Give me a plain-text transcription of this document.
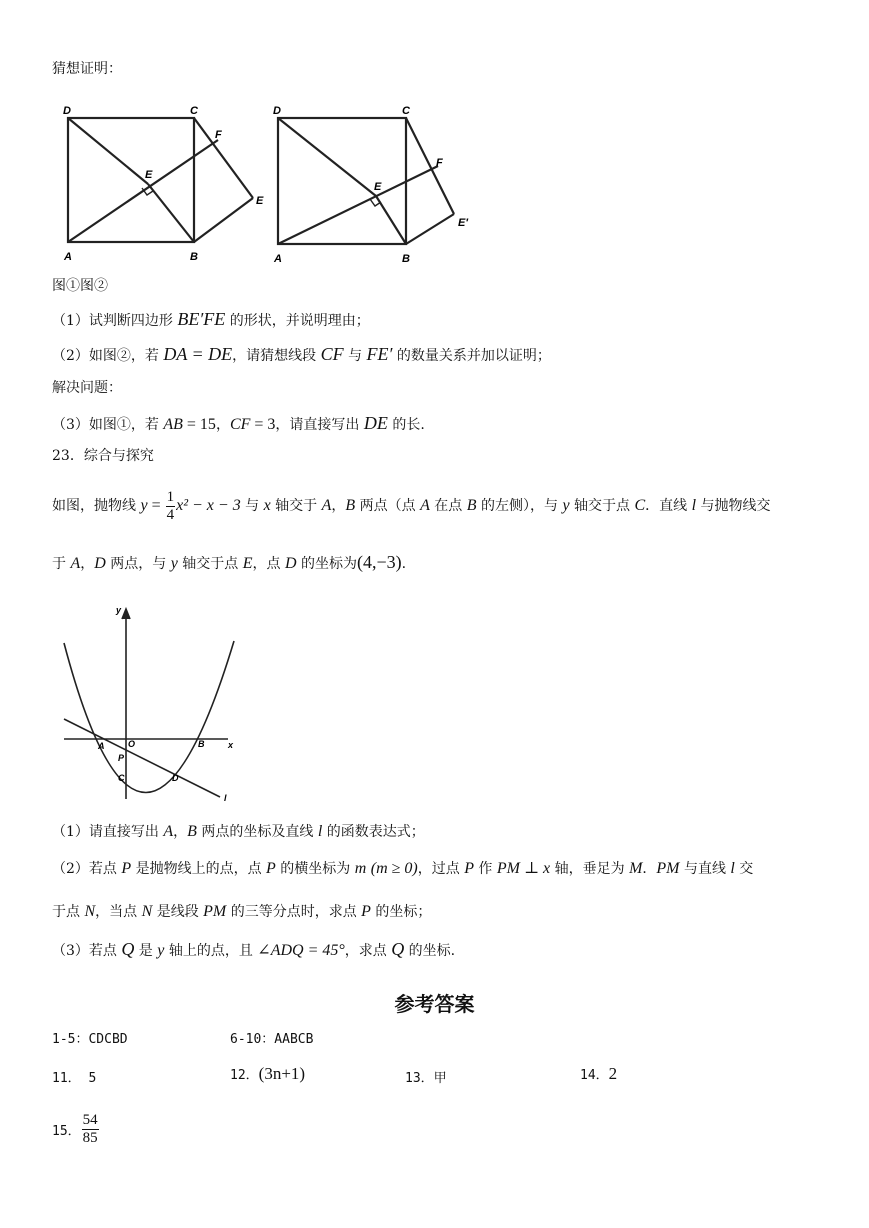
猜想证明：
D	C
F
E
E
A	B
D	C
F
E
E′
A	B
图①图②
（1）试判断四边形 BE′FE 的形状，并说明理由；
（2）如图②，若 DA = DE，请猜想线段 CF 与 FE′ 的数量关系并加以证明；
解决问题：
（3）如图①，若 AB = 15，CF = 3，请直接写出 DE 的长.
23．综合与探究
如图，抛物线 $y = \frac{1}{4} x^2 - x - 3$ 与 x 轴交于 A，B 两点（点 A 在点 B 的左侧），与 y 轴交于点 C．直线 l 与抛物线交
于 A，D 两点，与 y 轴交于点 E，点 D 的坐标为(4,−3).
y
x
A	O	B
P
C	D
l
（1）请直接写出 A，B 两点的坐标及直线 l 的函数表达式；
（2）若点 P 是抛物线上的点，点 P 的横坐标为 m (m ≥ 0)，过点 P 作 PM ⊥ x 轴，垂足为 M．PM 与直线 l 交
于点 N，当点 N 是线段 PM 的三等分点时，求点 P 的坐标；
（3）若点 Q 是 y 轴上的点，且 ∠ADQ = 45°，求点 Q 的坐标.
参考答案
1-5：CDCBD	6-10：AABCB
11． 5	12．(3n+1)	13．甲	14．2
15． $\frac{54}{85}$
